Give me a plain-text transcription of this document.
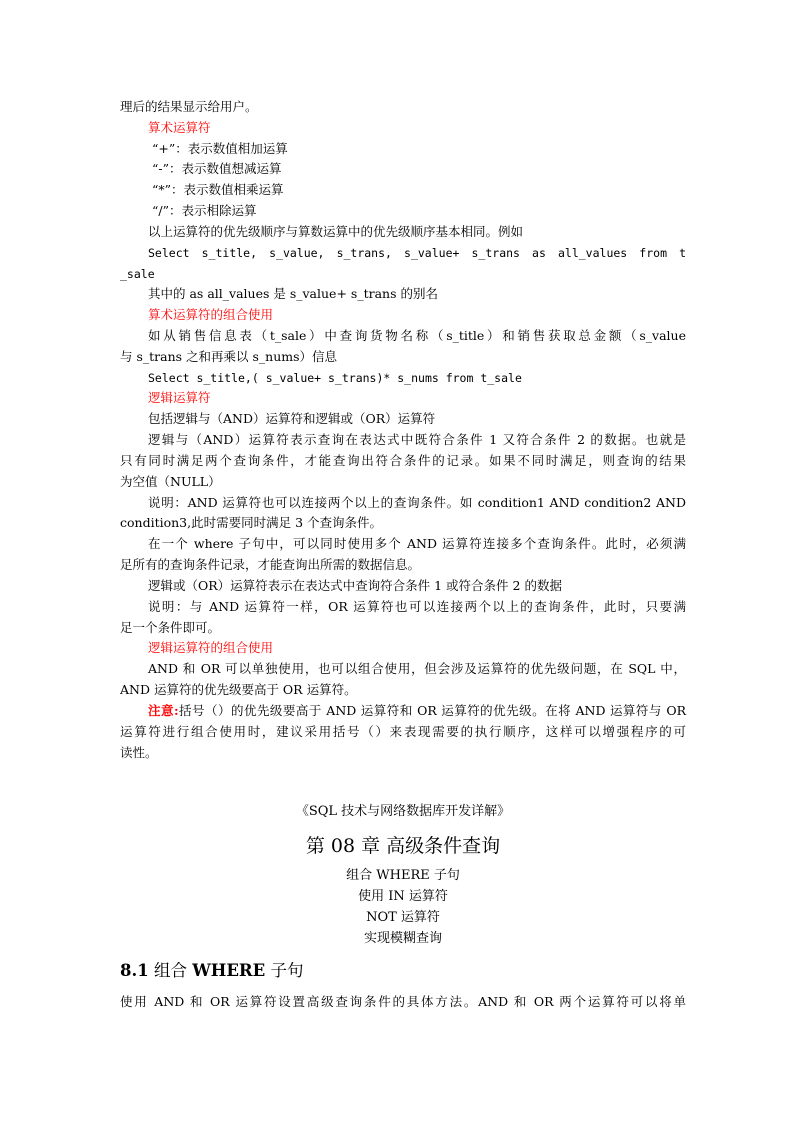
理后的结果显示给用户。
算术运算符
“+”：表示数值相加运算
“-”：表示数值想减运算
“*”：表示数值相乘运算
“/”：表示相除运算
以上运算符的优先级顺序与算数运算中的优先级顺序基本相同。例如
Select s_title, s_value, s_trans, s_value+ s_trans as all_values from t
_sale
其中的 as all_values 是 s_value+ s_trans 的别名
算术运算符的组合使用
如从销售信息表（t_sale）中查询货物名称（s_title）和销售获取总金额（s_value
与 s_trans 之和再乘以 s_nums）信息
Select s_title,( s_value+ s_trans)* s_nums from t_sale
逻辑运算符
包括逻辑与（AND）运算符和逻辑或（OR）运算符
逻辑与（AND）运算符表示查询在表达式中既符合条件 1 又符合条件 2 的数据。也就是
只有同时满足两个查询条件，才能查询出符合条件的记录。如果不同时满足，则查询的结果
为空值（NULL）
说明：AND 运算符也可以连接两个以上的查询条件。如 condition1 AND condition2 AND
condition3,此时需要同时满足 3 个查询条件。
在一个 where 子句中，可以同时使用多个 AND 运算符连接多个查询条件。此时，必须满
足所有的查询条件记录，才能查询出所需的数据信息。
逻辑或（OR）运算符表示在表达式中查询符合条件 1 或符合条件 2 的数据
说明：与 AND 运算符一样，OR 运算符也可以连接两个以上的查询条件，此时，只要满
足一个条件即可。
逻辑运算符的组合使用
AND 和 OR 可以单独使用，也可以组合使用，但会涉及运算符的优先级问题，在 SQL 中，
AND 运算符的优先级要高于 OR 运算符。
注意:括号（）的优先级要高于 AND 运算符和 OR 运算符的优先级。在将 AND 运算符与 OR
运算符进行组合使用时，建议采用括号（）来表现需要的执行顺序，这样可以增强程序的可
读性。
《SQL 技术与网络数据库开发详解》
第 08 章 高级条件查询
组合 WHERE 子句
使用 IN 运算符
NOT 运算符
实现模糊查询
8.1 组合 WHERE 子句
使用 AND 和 OR 运算符设置高级查询条件的具体方法。AND 和 OR 两个运算符可以将单
